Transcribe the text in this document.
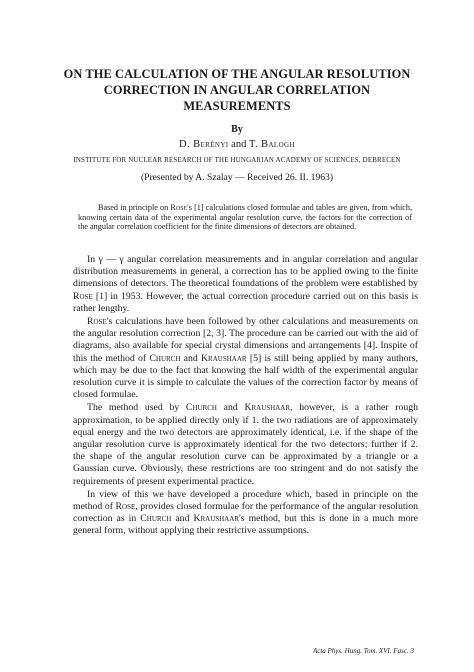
ON THE CALCULATION OF THE ANGULAR RESOLUTION
CORRECTION IN ANGULAR CORRELATION
MEASUREMENTS
By
D. Berényi and T. Balogh
INSTITUTE FOR NUCLEAR RESEARCH OF THE HUNGARIAN ACADEMY OF SCIENCES, DEBRECEN
(Presented by A. Szalay — Received 26. II. 1963)

Based in principle on Rose's [1] calculations closed formulae and tables are given, from which, knowing certain data of the experimental angular resolution curve, the factors for the correction of the angular correlation coefficient for the finite dimensions of detectors are obtained.

In γ — γ angular correlation measurements and in angular correlation and angular distribution measurements in general, a correction has to be applied owing to the finite dimensions of detectors. The theoretical foundations of the problem were established by Rose [1] in 1953. However, the actual correction procedure carried out on this basis is rather lengthy.

Rose's calculations have been followed by other calculations and measurements on the angular resolution correction [2, 3]. The procedure can be carried out with the aid of diagrams, also available for special crystal dimensions and arrangements [4]. Inspite of this the method of Church and Kraushaar [5] is still being applied by many authors, which may be due to the fact that knowing the half width of the experimental angular resolution curve it is simple to calculate the values of the correction factor by means of closed formulae.

The method used by Church and Kraushaar, however, is a rather rough approximation, to be applied directly only if 1. the two radiations are of approximately equal energy and the two detectors are approximately identical, i.e. if the shape of the angular resolution curve is approximately identical for the two detectors; further if 2. the shape of the angular resolution curve can be approximated by a triangle or a Gaussian curve. Obviously, these restrictions are too stringent and do not satisfy the requirements of present experimental practice.

In view of this we have developed a procedure which, based in principle on the method of Rose, provides closed formulae for the performance of the angular resolution correction as in Church and Kraushaar's method, but this is done in a much more general form, without applying their restrictive assumptions.

Acta Phys. Hung. Tom. XVI. Fasc. 3
